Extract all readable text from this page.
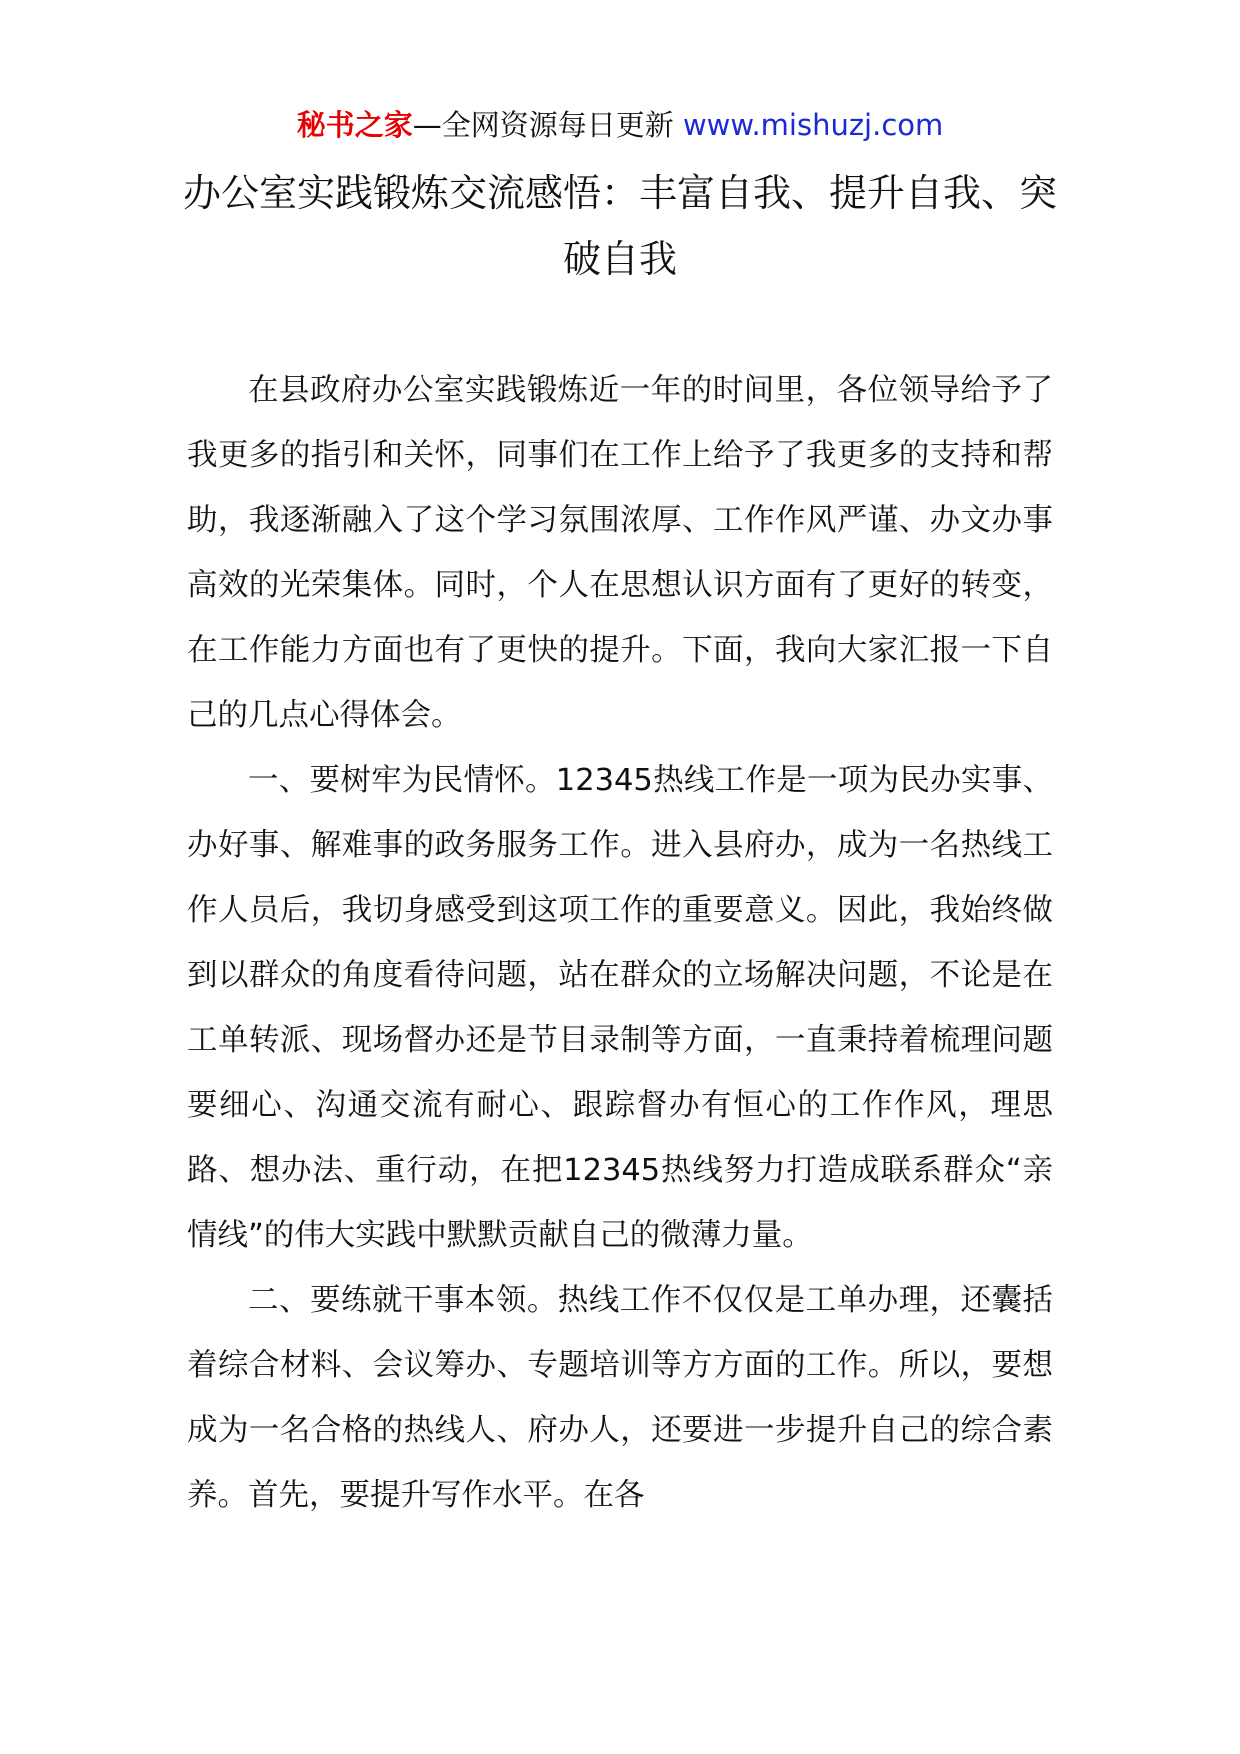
秘书之家—全网资源每日更新 www.mishuzj.com
办公室实践锻炼交流感悟：丰富自我、提升自我、突破自我

在县政府办公室实践锻炼近一年的时间里，各位领导给予了我更多的指引和关怀，同事们在工作上给予了我更多的支持和帮助，我逐渐融入了这个学习氛围浓厚、工作作风严谨、办文办事高效的光荣集体。同时，个人在思想认识方面有了更好的转变，在工作能力方面也有了更快的提升。下面，我向大家汇报一下自己的几点心得体会。

一、要树牢为民情怀。12345热线工作是一项为民办实事、办好事、解难事的政务服务工作。进入县府办，成为一名热线工作人员后，我切身感受到这项工作的重要意义。因此，我始终做到以群众的角度看待问题，站在群众的立场解决问题，不论是在工单转派、现场督办还是节目录制等方面，一直秉持着梳理问题要细心、沟通交流有耐心、跟踪督办有恒心的工作作风，理思路、想办法、重行动，在把12345热线努力打造成联系群众“亲情线”的伟大实践中默默贡献自己的微薄力量。

二、要练就干事本领。热线工作不仅仅是工单办理，还囊括着综合材料、会议筹办、专题培训等方方面的工作。所以，要想成为一名合格的热线人、府办人，还要进一步提升自己的综合素养。首先，要提升写作水平。在各
